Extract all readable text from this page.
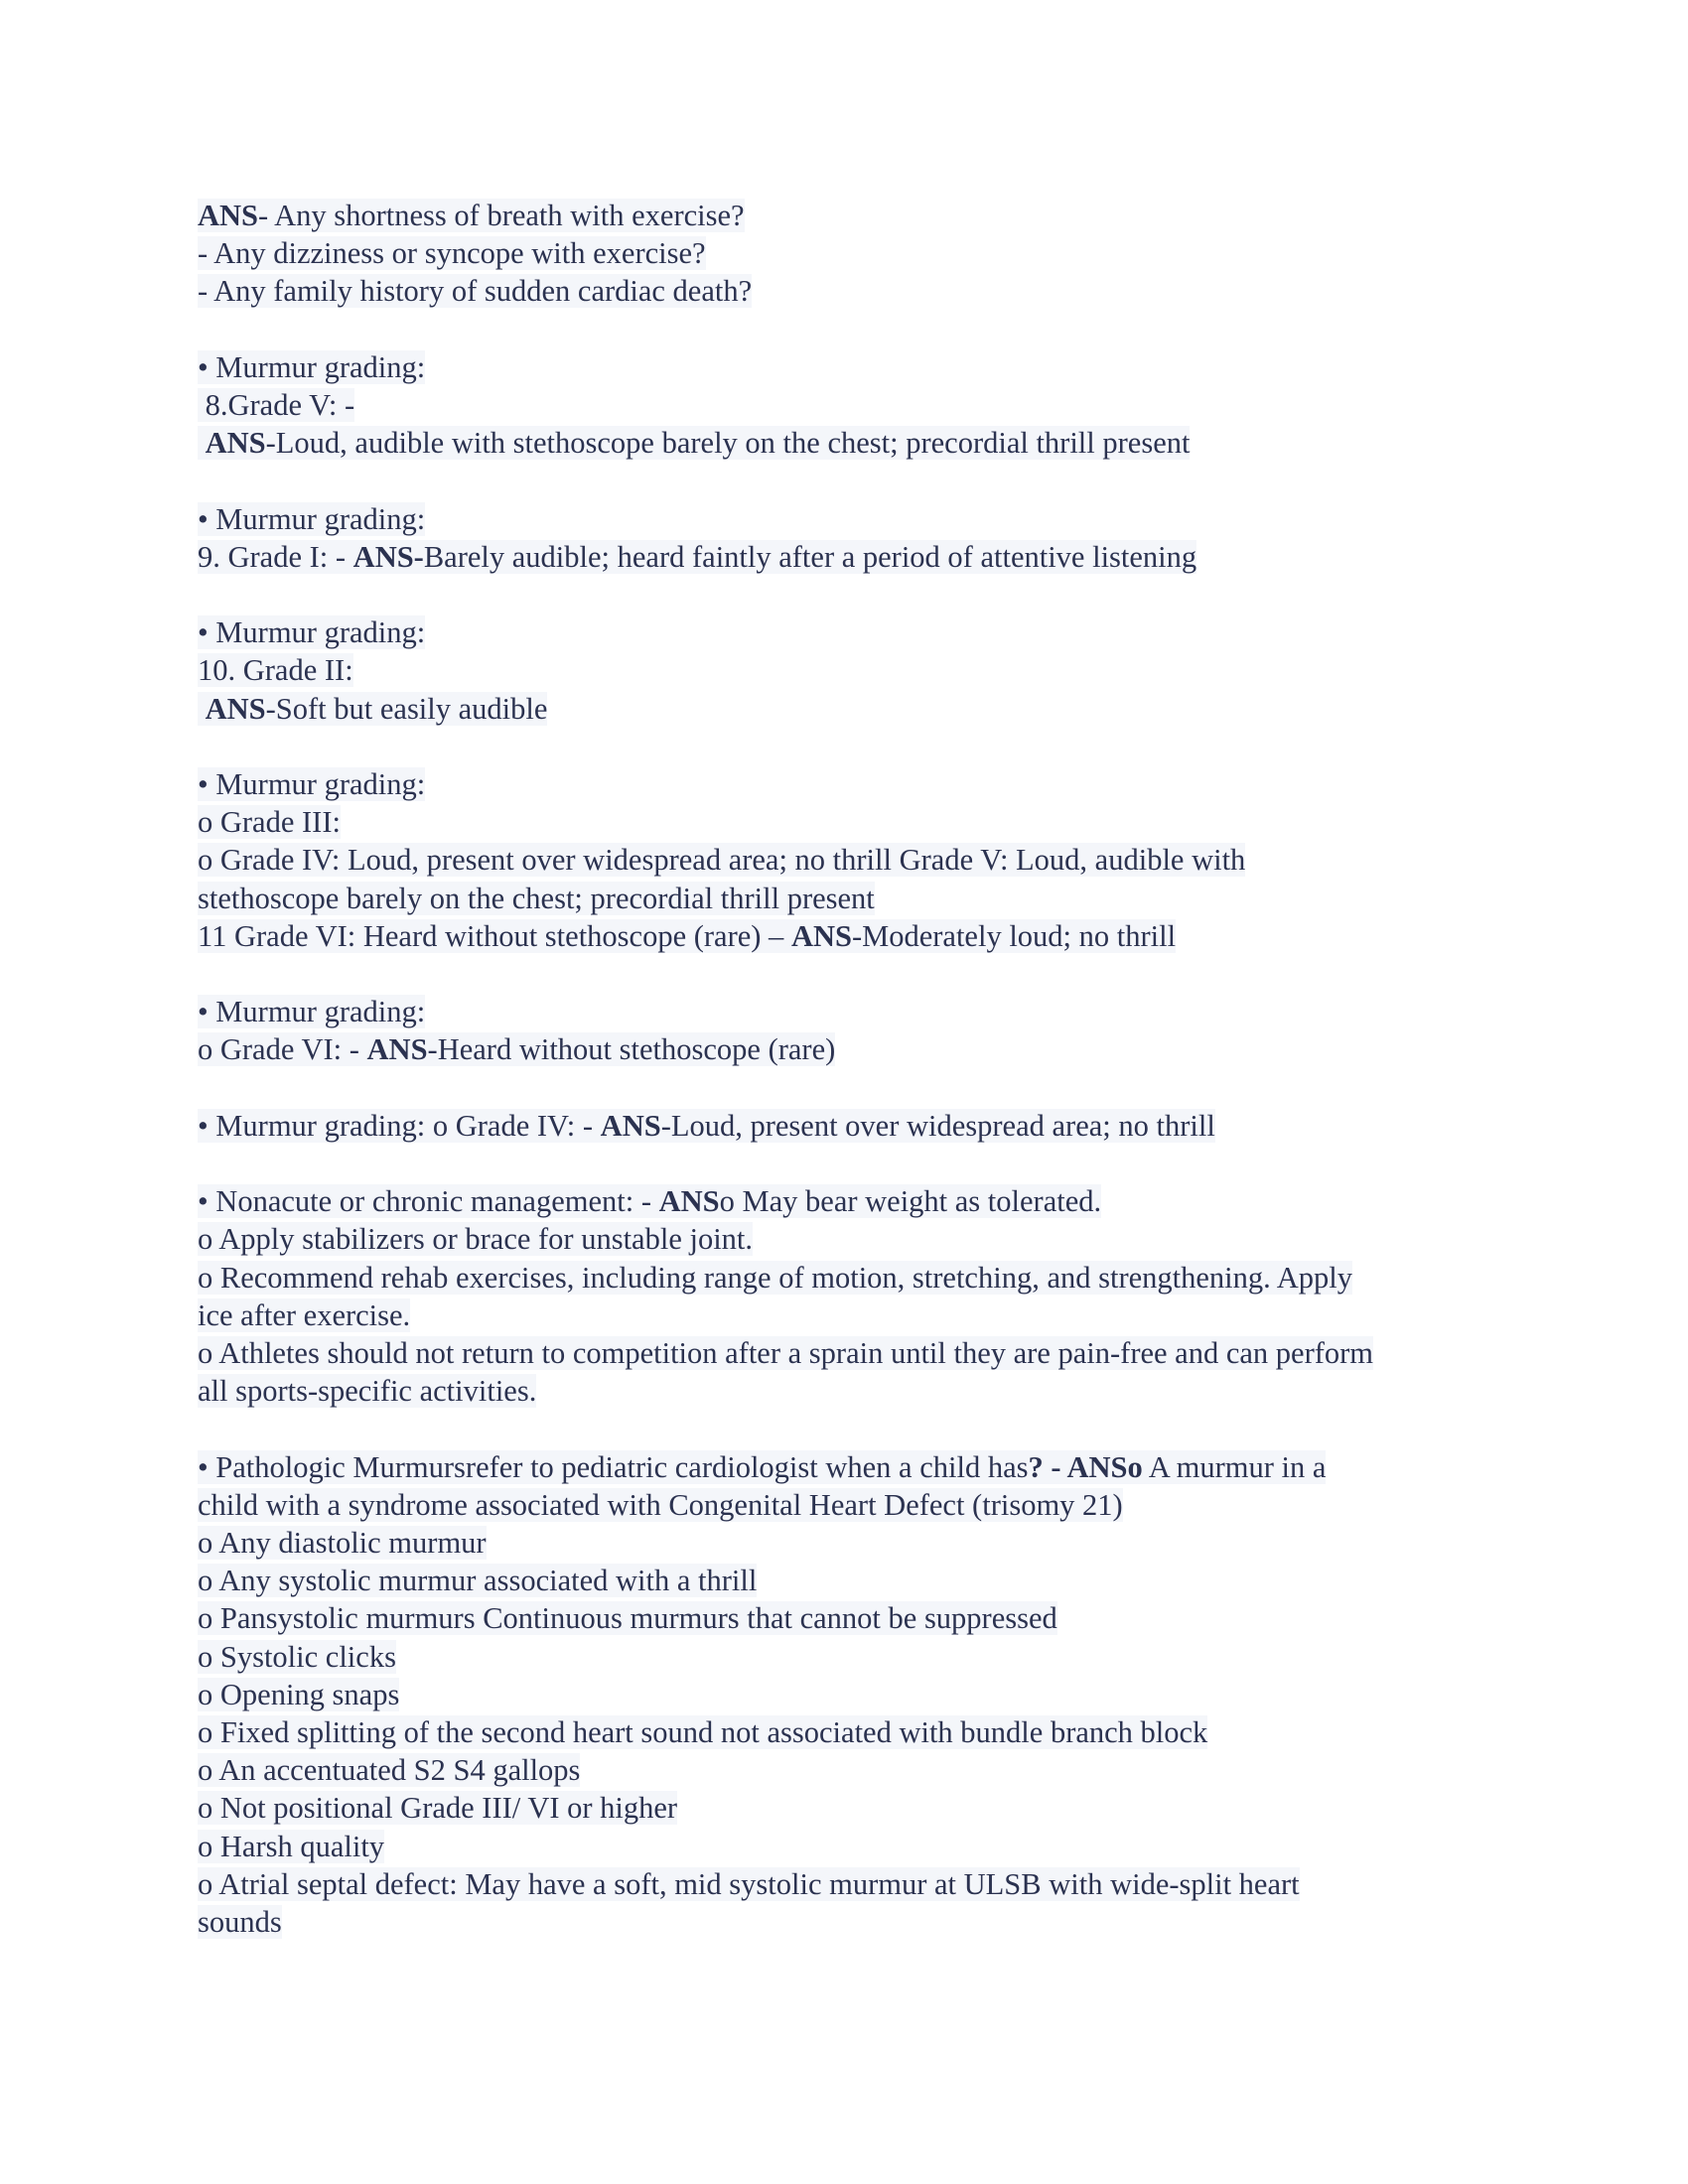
ANS- Any shortness of breath with exercise?
- Any dizziness or syncope with exercise?
- Any family history of sudden cardiac death?
• Murmur grading:
8.Grade V: -
ANS-Loud, audible with stethoscope barely on the chest; precordial thrill present
• Murmur grading:
9. Grade I: - ANS-Barely audible; heard faintly after a period of attentive listening
• Murmur grading:
10. Grade II:
ANS-Soft but easily audible
• Murmur grading:
o Grade III:
o Grade IV: Loud, present over widespread area; no thrill Grade V: Loud, audible with
stethoscope barely on the chest; precordial thrill present
11 Grade VI: Heard without stethoscope (rare) – ANS-Moderately loud; no thrill
• Murmur grading:
o Grade VI: - ANS-Heard without stethoscope (rare)
• Murmur grading: o Grade IV: - ANS-Loud, present over widespread area; no thrill
• Nonacute or chronic management: - ANSo May bear weight as tolerated.
o Apply stabilizers or brace for unstable joint.
o Recommend rehab exercises, including range of motion, stretching, and strengthening. Apply
ice after exercise.
o Athletes should not return to competition after a sprain until they are pain-free and can perform
all sports-specific activities.
• Pathologic Murmursrefer to pediatric cardiologist when a child has? - ANSo A murmur in a
child with a syndrome associated with Congenital Heart Defect (trisomy 21)
o Any diastolic murmur
o Any systolic murmur associated with a thrill
o Pansystolic murmurs Continuous murmurs that cannot be suppressed
o Systolic clicks
o Opening snaps
o Fixed splitting of the second heart sound not associated with bundle branch block
o An accentuated S2 S4 gallops
o Not positional Grade III/ VI or higher
o Harsh quality
o Atrial septal defect: May have a soft, mid systolic murmur at ULSB with wide-split heart
sounds
